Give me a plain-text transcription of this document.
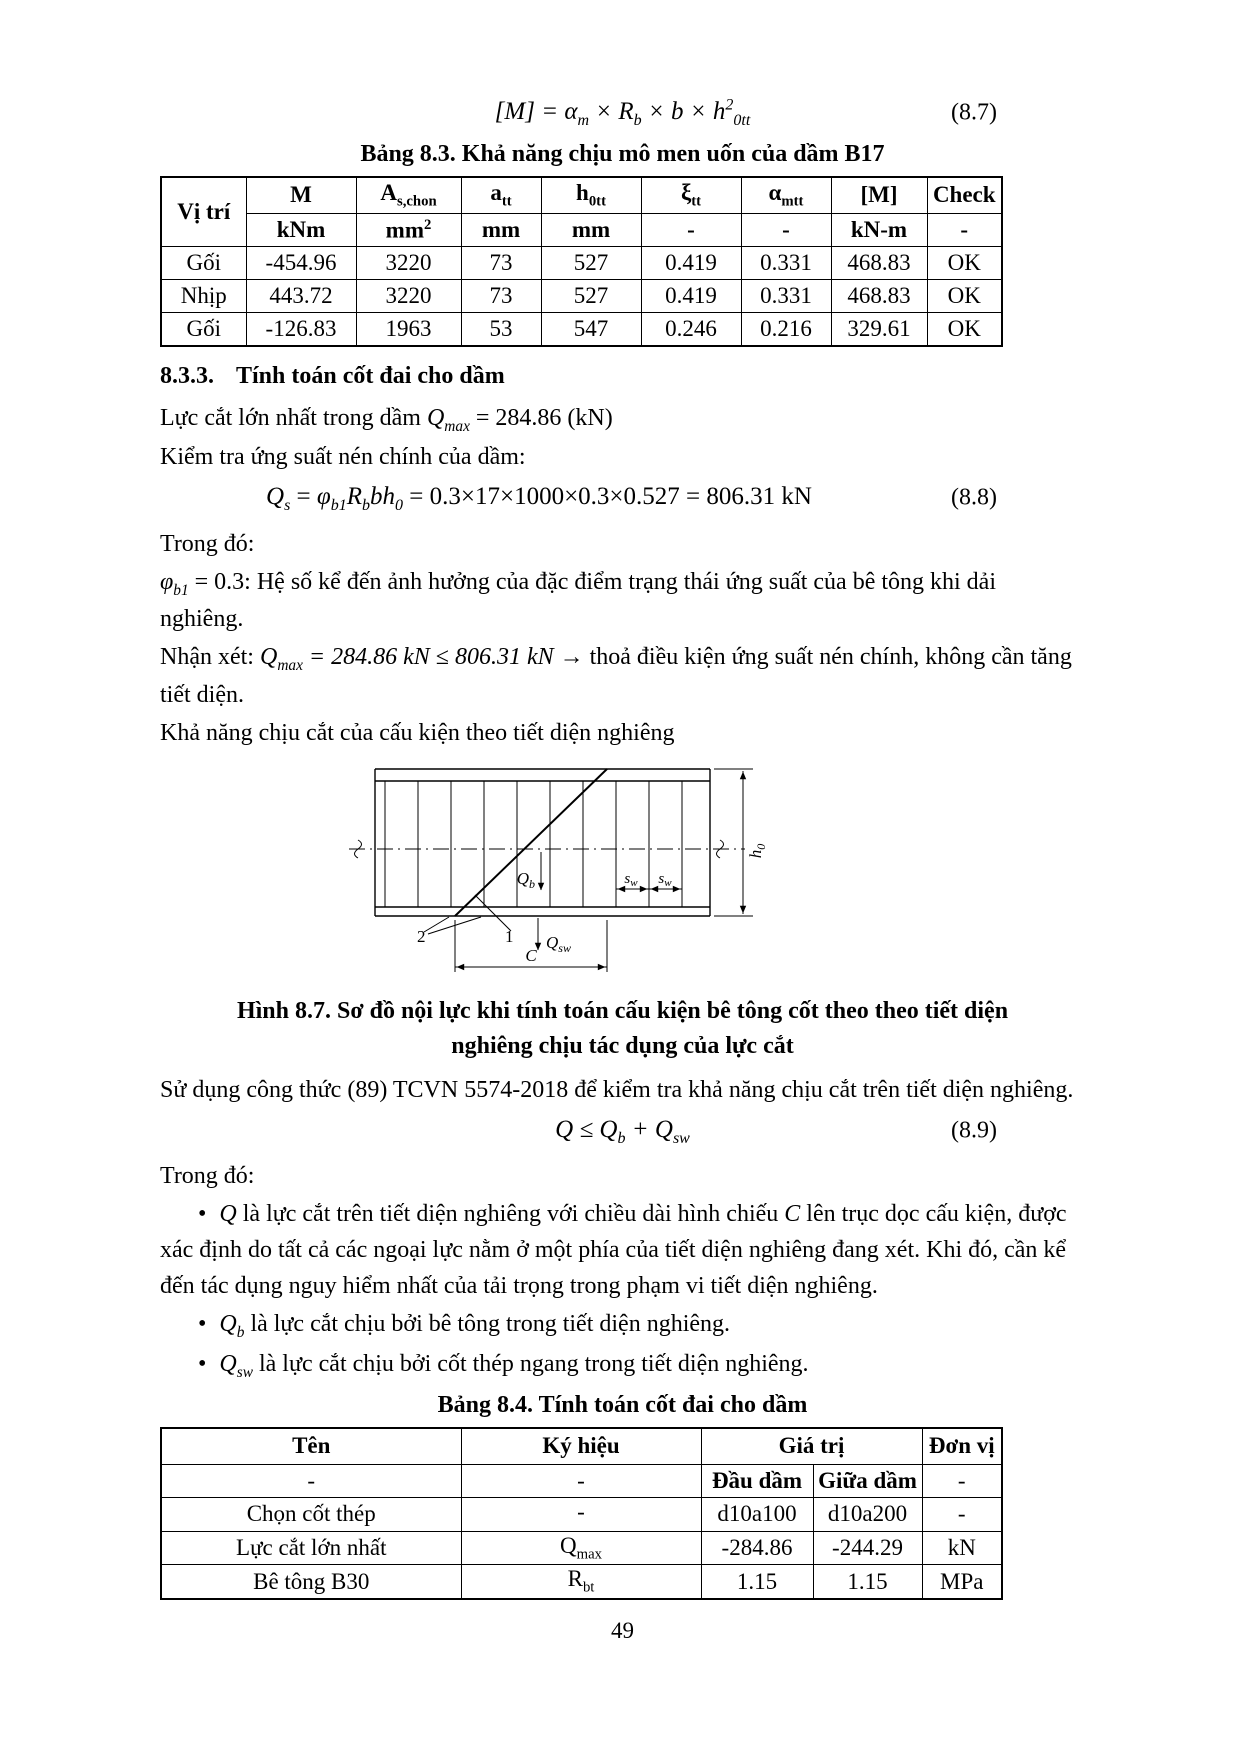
$[M] = \alpha_m \times R_b \times b \times h^2_{0tt}$	(8.7)
Bảng 8.3. Khả năng chịu mô men uốn của dầm B17
Vị trí	M	$A_{s,chon}$	$a_{tt}$	$h_{0tt}$	$\xi_{tt}$	$\alpha_{mtt}$	[M]	Check
	kNm	$mm^2$	mm	mm	-	-	kN-m	-
Gối	-454.96	3220	73	527	0.419	0.331	468.83	OK
Nhịp	443.72	3220	73	527	0.419	0.331	468.83	OK
Gối	-126.83	1963	53	547	0.246	0.216	329.61	OK
8.3.3. Tính toán cốt đai cho dầm

Lực cắt lớn nhất trong dầm $Q_{max} = 284.86$ (kN)

Kiểm tra ứng suất nén chính của dầm:

$Q_s = \varphi_{b1}R_bbh_0 = 0.3\times 17\times 1000\times 0.3\times 0.527 = 806.31$ kN	(8.8)

Trong đó:

$\varphi_{b1} = 0.3$: Hệ số kể đến ảnh hưởng của đặc điểm trạng thái ứng suất của bê tông khi dải nghiêng.

Nhận xét: $Q_{max} = 284.86$ kN ≤ 806.31 kN → thoả điều kiện ứng suất nén chính, không cần tăng tiết diện.

Khả năng chịu cắt của cấu kiện theo tiết diện nghiêng

2	1
$Q_b$
$Q_{sw}$
$s_w$ $s_w$
C
$h_0$
Hình 8.7. Sơ đồ nội lực khi tính toán cấu kiện bê tông cốt theo theo tiết diện nghiêng chịu tác dụng của lực cắt

Sử dụng công thức (89) TCVN 5574-2018 để kiểm tra khả năng chịu cắt trên tiết diện nghiêng.

$Q \le Q_b + Q_{sw}$	(8.9)

Trong đó:

• Q là lực cắt trên tiết diện nghiêng với chiều dài hình chiếu C lên trục dọc cấu kiện, được xác định do tất cả các ngoại lực nằm ở một phía của tiết diện nghiêng đang xét. Khi đó, cần kể đến tác dụng nguy hiểm nhất của tải trọng trong phạm vi tiết diện nghiêng.

• $Q_b$ là lực cắt chịu bởi bê tông trong tiết diện nghiêng.

• $Q_{sw}$ là lực cắt chịu bởi cốt thép ngang trong tiết diện nghiêng.

Bảng 8.4. Tính toán cốt đai cho dầm
Tên	Ký hiệu	Giá trị		Đơn vị
-	-	Đầu dầm	Giữa dầm	-
Chọn cốt thép	-	d10a100	d10a200	-
Lực cắt lớn nhất	$Q_{max}$	-284.86	-244.29	kN
Bê tông B30	$R_{bt}$	1.15	1.15	MPa
49
